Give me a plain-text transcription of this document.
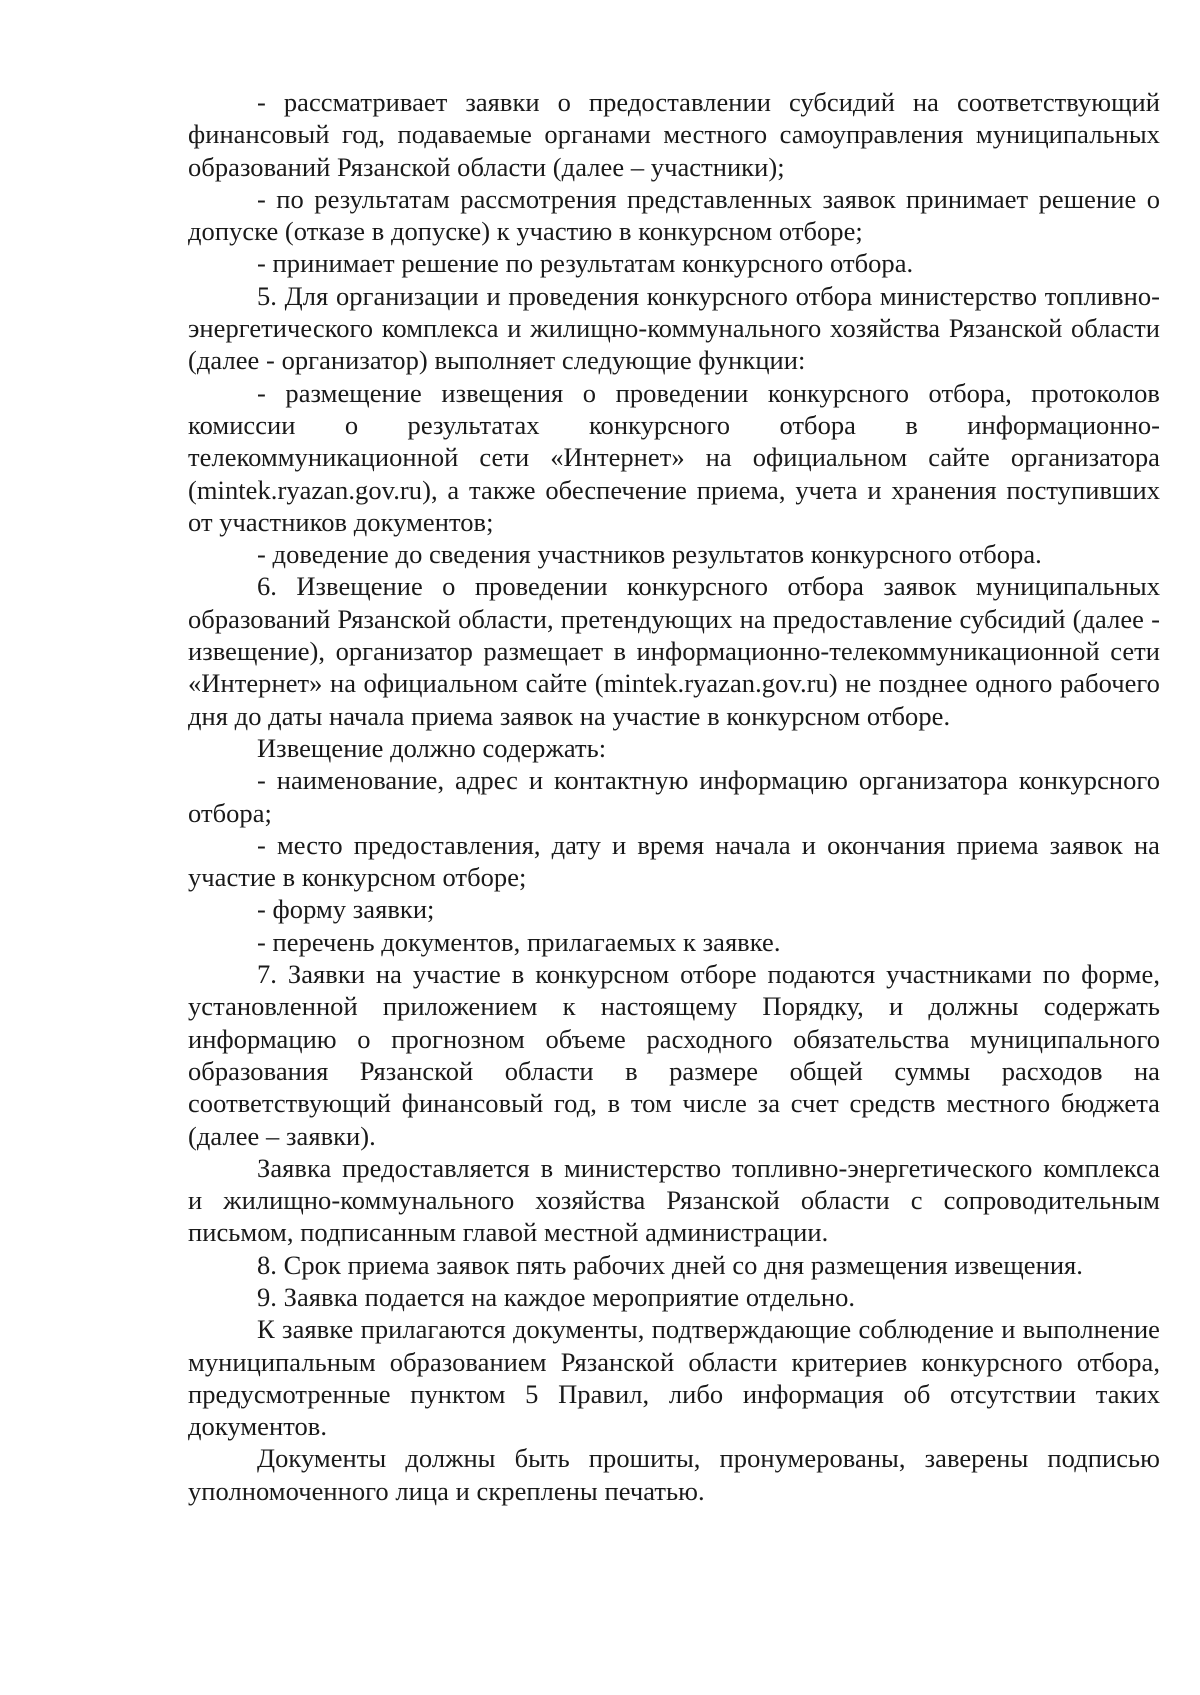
- рассматривает заявки о предоставлении субсидий на соответствующий финансовый год, подаваемые органами местного самоуправления муниципальных образований Рязанской области (далее – участники);

- по результатам рассмотрения представленных заявок принимает решение о допуске (отказе в допуске) к участию в конкурсном отборе;

- принимает решение по результатам конкурсного отбора.

5. Для организации и проведения конкурсного отбора министерство топливно-энергетического комплекса и жилищно-коммунального хозяйства Рязанской области (далее - организатор) выполняет следующие функции:

- размещение извещения о проведении конкурсного отбора, протоколов комиссии о результатах конкурсного отбора в информационно-телекоммуникационной сети «Интернет» на официальном сайте организатора (mintek.ryazan.gov.ru), а также обеспечение приема, учета и хранения поступивших от участников документов;

- доведение до сведения участников результатов конкурсного отбора.

6. Извещение о проведении конкурсного отбора заявок муниципальных образований Рязанской области, претендующих на предоставление субсидий (далее - извещение), организатор размещает в информационно-телекоммуникационной сети «Интернет» на официальном сайте (mintek.ryazan.gov.ru) не позднее одного рабочего дня до даты начала приема заявок на участие в конкурсном отборе.

Извещение должно содержать:

- наименование, адрес и контактную информацию организатора конкурсного отбора;

- место предоставления, дату и время начала и окончания приема заявок на участие в конкурсном отборе;

- форму заявки;

- перечень документов, прилагаемых к заявке.

7. Заявки на участие в конкурсном отборе подаются участниками по форме, установленной приложением к настоящему Порядку, и должны содержать информацию о прогнозном объеме расходного обязательства муниципального образования Рязанской области в размере общей суммы расходов на соответствующий финансовый год, в том числе за счет средств местного бюджета (далее – заявки).

Заявка предоставляется в министерство топливно-энергетического комплекса и жилищно-коммунального хозяйства Рязанской области с сопроводительным письмом, подписанным главой местной администрации.

8. Срок приема заявок пять рабочих дней со дня размещения извещения.

9. Заявка подается на каждое мероприятие отдельно.

К заявке прилагаются документы, подтверждающие соблюдение и выполнение муниципальным образованием Рязанской области критериев конкурсного отбора, предусмотренные пунктом 5 Правил, либо информация об отсутствии таких документов.

Документы должны быть прошиты, пронумерованы, заверены подписью уполномоченного лица и скреплены печатью.
